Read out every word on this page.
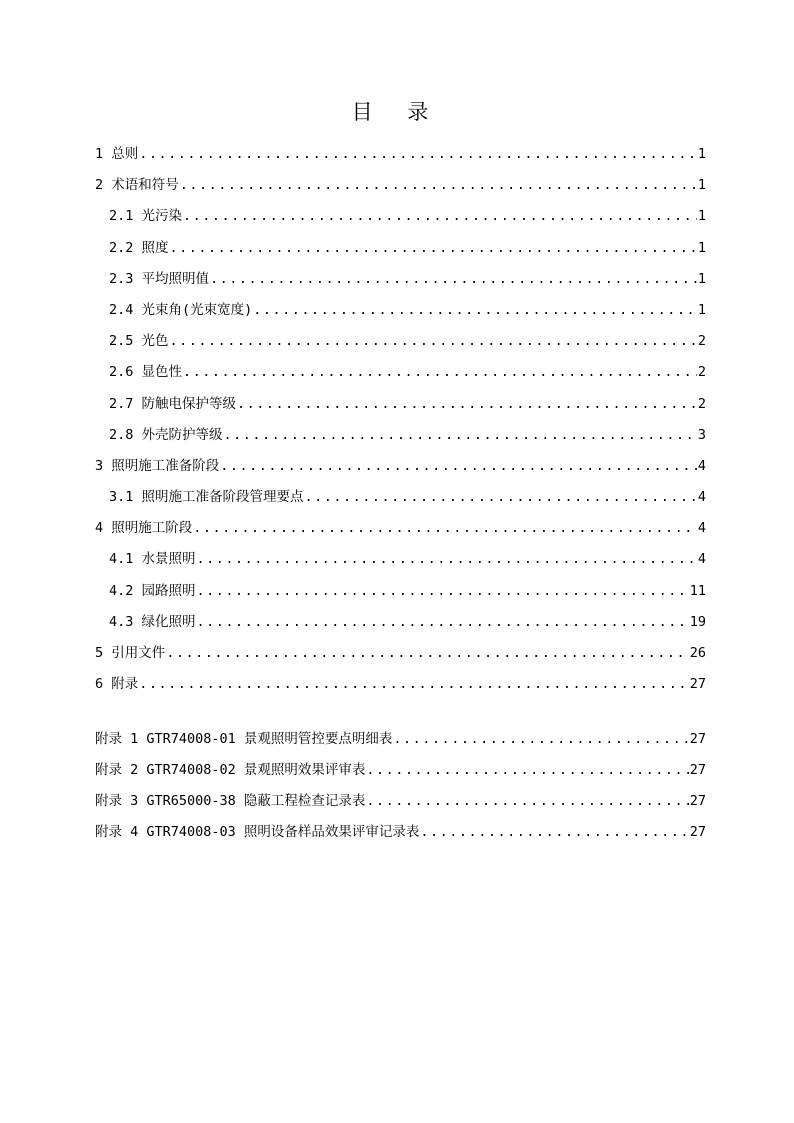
目 录
1 总则 .....	1
2 术语和符号 .....	1
2.1 光污染 .....	1
2.2 照度 .....	1
2.3 平均照明值 .....	1
2.4 光束角(光束宽度) .....	1
2.5 光色 .....	2
2.6 显色性 .....	2
2.7 防触电保护等级 .....	2
2.8 外壳防护等级 .....	3
3 照明施工准备阶段 .....	4
3.1 照明施工准备阶段管理要点 .....	4
4 照明施工阶段 .....	4
4.1 水景照明 .....	4
4.2 园路照明 .....	11
4.3 绿化照明 .....	19
5 引用文件 .....	26
6 附录 .....	27
附录 1 GTR74008-01 景观照明管控要点明细表 .....	27
附录 2 GTR74008-02 景观照明效果评审表 .....	27
附录 3 GTR65000-38 隐蔽工程检查记录表 .....	27
附录 4 GTR74008-03 照明设备样品效果评审记录表 .....	27
